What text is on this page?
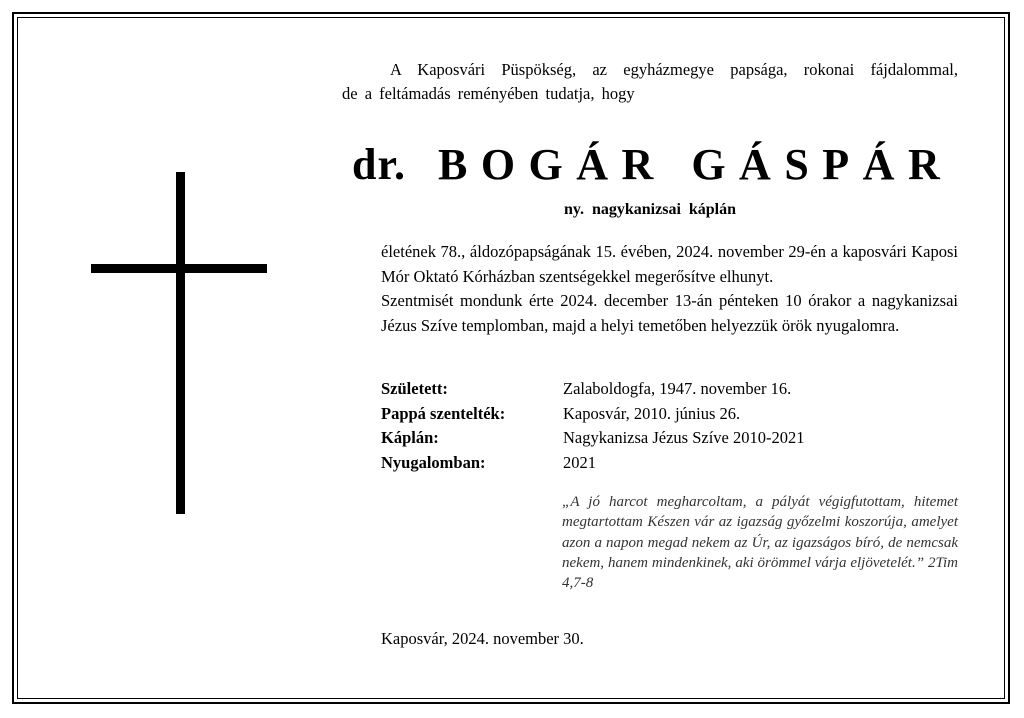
A Kaposvári Püspökség, az egyházmegye papsága, rokonai fájdalommal,
de a feltámadás reményében tudatja, hogy
dr. BOGÁR GÁSPÁR
ny. nagykanizsai káplán

életének 78., áldozópapságának 15. évében, 2024. november 29-én a kaposvári Kaposi Mór Oktató Kórházban szentségekkel megerősítve elhunyt.

Szentmisét mondunk érte 2024. december 13-án pénteken 10 órakor a nagykanizsai Jézus Szíve templomban, majd a helyi temetőben helyezzük örök nyugalomra.

Született:	Zalaboldogfa, 1947. november 16.
Pappá szentelték:	Kaposvár, 2010. június 26.
Káplán:	Nagykanizsa Jézus Szíve 2010-2021
Nyugalomban:	2021
„A jó harcot megharcoltam, a pályát végigfutottam, hitemet megtartottam Készen vár az igazság győzelmi koszorúja, amelyet azon a napon megad nekem az Úr, az igazságos bíró, de nemcsak nekem, hanem mindenkinek, aki örömmel várja eljövetelét.” 2Tim 4,7-8
Kaposvár, 2024. november 30.
